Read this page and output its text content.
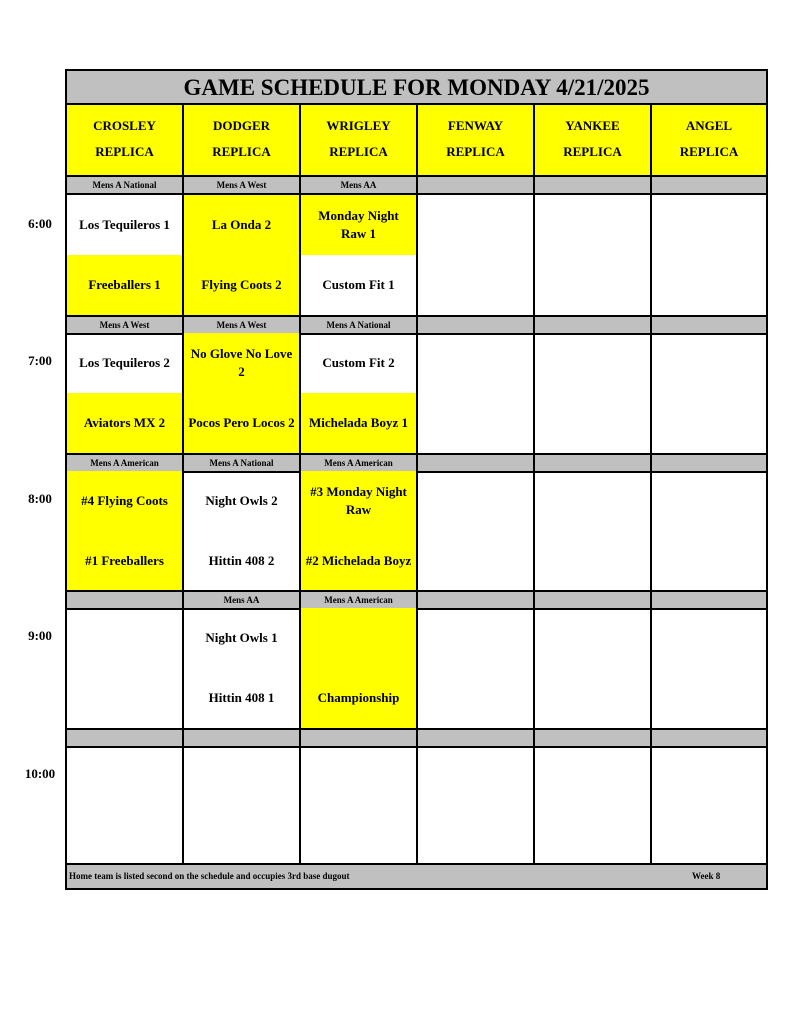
6:00
7:00
8:00
9:00
10:00
GAME SCHEDULE FOR MONDAY 4/21/2025
CROSLEY
REPLICA
Mens A National
Los Tequileros 1
Freeballers 1
Mens A West
Los Tequileros 2
Aviators MX 2
Mens A American
#4 Flying Coots
#1 Freeballers
DODGER
REPLICA
Mens A West
La Onda 2
Flying Coots 2
Mens A West
No Glove No Love 2
Pocos Pero Locos 2
Mens A National
Night Owls 2
Hittin 408 2
Mens AA
Night Owls 1
Hittin 408 1
WRIGLEY
REPLICA
Mens AA
Monday Night Raw 1
Custom Fit 1
Mens A National
Custom Fit 2
Michelada Boyz 1
Mens A American
#3 Monday Night Raw
#2 Michelada Boyz
Mens A American
Championship
FENWAY
REPLICA
YANKEE
REPLICA
ANGEL
REPLICA
Home team is listed second on the schedule and occupies 3rd base dugout	Week 8
